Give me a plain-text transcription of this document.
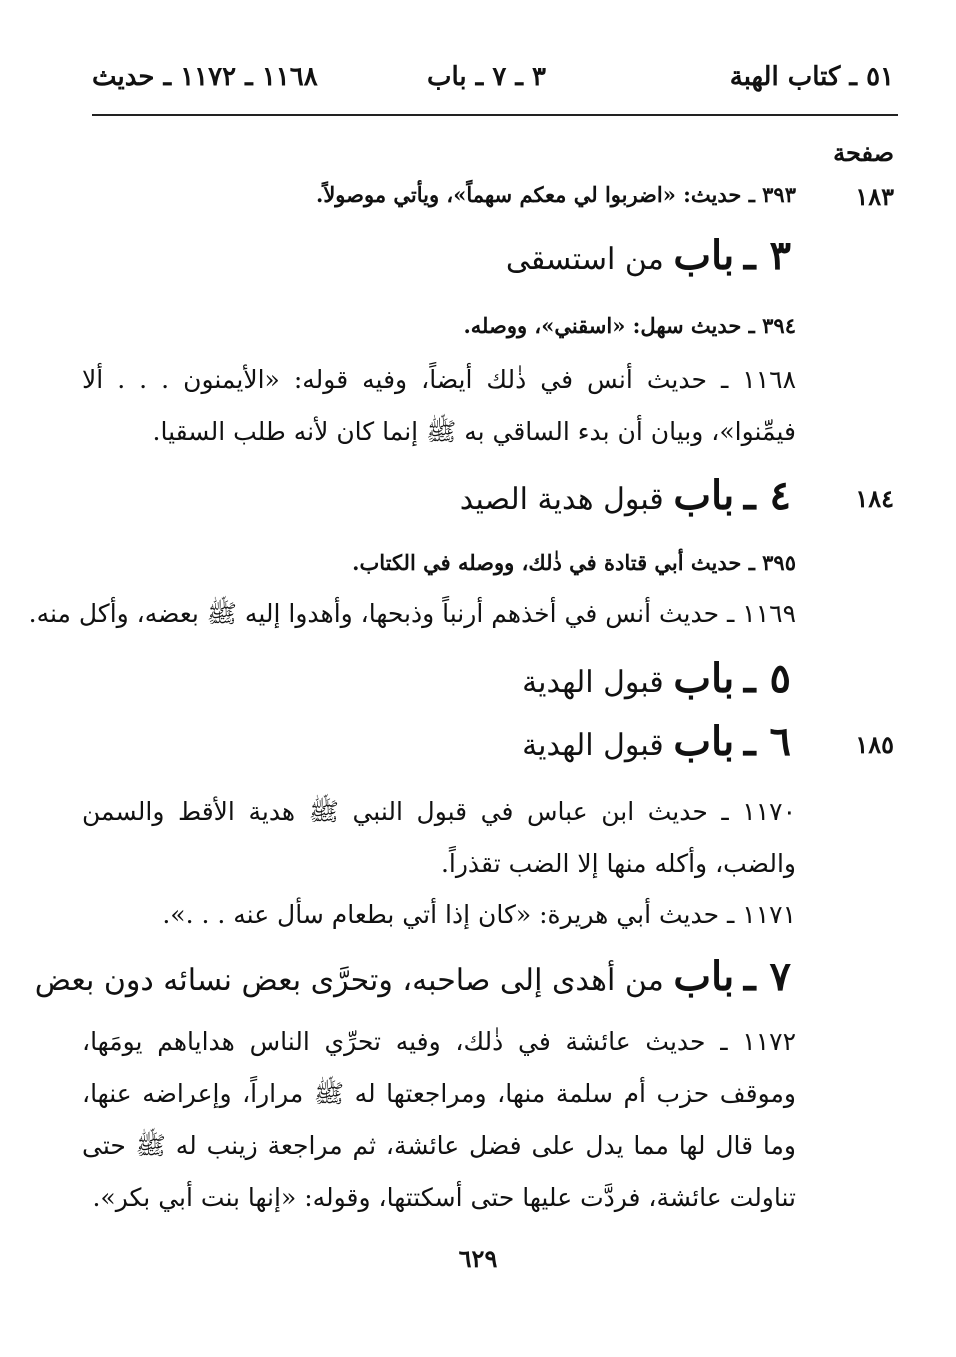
٥١ ـ كتاب الهبة
٣ ـ ٧ ـ باب
١١٦٨ ـ ١١٧٢ ـ حديث
صفحة
١٨٣
٣٩٣ ـ حديث: «اضربوا لي معكم سهماً»، ويأتي موصولاً.
٣ ـ باب من استسقى
٣٩٤ ـ حديث سهل: «اسقني»، ووصله.
١١٦٨ ـ حديث أنس في ذٰلك أيضاً، وفيه قوله: «الأيمنون . . . ألا فيمِّنوا»، وبيان أن بدء الساقي به ﷺ إنما كان لأنه طلب السقيا.
١٨٤
٤ ـ باب قبول هدية الصيد
٣٩٥ ـ حديث أبي قتادة في ذٰلك، ووصله في الكتاب.
١١٦٩ ـ حديث أنس في أخذهم أرنباً وذبحها، وأهدوا إليه ﷺ بعضه، وأكل منه.
٥ ـ باب قبول الهدية
١٨٥
٦ ـ باب قبول الهدية
١١٧٠ ـ حديث ابن عباس في قبول النبي ﷺ هدية الأقط والسمن والضب، وأكله منها إلا الضب تقذراً.
١١٧١ ـ حديث أبي هريرة: «كان إذا أتي بطعام سأل عنه . . .».
٧ ـ باب من أهدى إلى صاحبه، وتحرَّى بعض نسائه دون بعض
١١٧٢ ـ حديث عائشة في ذٰلك، وفيه تحرِّي الناس هداياهم يومَها، وموقف حزب أم سلمة منها، ومراجعتها له ﷺ مراراً، وإعراضه عنها، وما قال لها مما يدل على فضل عائشة، ثم مراجعة زينب له ﷺ حتى تناولت عائشة، فردَّت عليها حتى أسكتتها، وقوله: «إنها بنت أبي بكر».
٦٢٩
